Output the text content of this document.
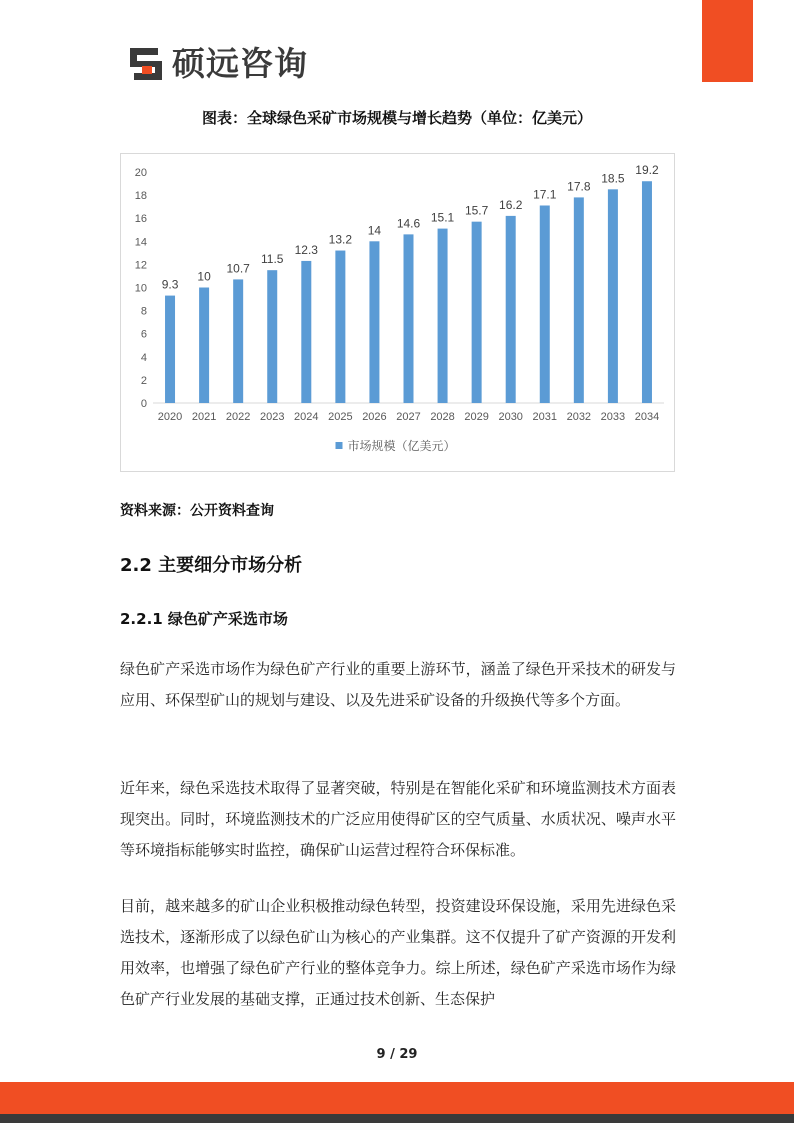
硕远咨询
图表：全球绿色采矿市场规模与增长趋势（单位：亿美元）
0
2
4
6
8
10
12
14
16
18
20
9.3
2020
10
2021
10.7
2022
11.5
2023
12.3
2024
13.2
2025
14
2026
14.6
2027
15.1
2028
15.7
2029
16.2
2030
17.1
2031
17.8
2032
18.5
2033
19.2
2034
市场规模（亿美元）
资料来源：公开资料查询
2.2 主要细分市场分析
2.2.1 绿色矿产采选市场

绿色矿产采选市场作为绿色矿产行业的重要上游环节，涵盖了绿色开采技术的研发与应用、环保型矿山的规划与建设、以及先进采矿设备的升级换代等多个方面。

近年来，绿色采选技术取得了显著突破，特别是在智能化采矿和环境监测技术方面表现突出。同时，环境监测技术的广泛应用使得矿区的空气质量、水质状况、噪声水平等环境指标能够实时监控，确保矿山运营过程符合环保标准。

目前，越来越多的矿山企业积极推动绿色转型，投资建设环保设施，采用先进绿色采选技术，逐渐形成了以绿色矿山为核心的产业集群。这不仅提升了矿产资源的开发利用效率，也增强了绿色矿产行业的整体竞争力。综上所述，绿色矿产采选市场作为绿色矿产行业发展的基础支撑，正通过技术创新、生态保护

9 / 29
